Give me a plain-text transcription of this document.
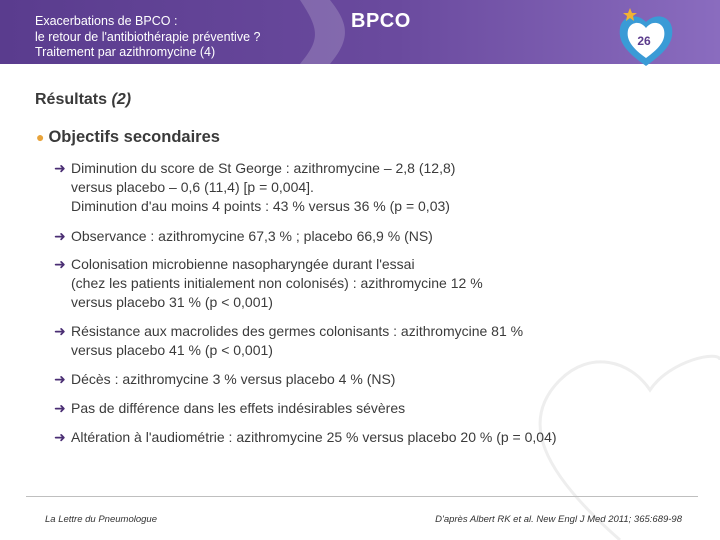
Exacerbations de BPCO :
le retour de l'antibiothérapie préventive ?
Traitement par azithromycine (4)
BPCO
26
Résultats (2)
● Objectifs secondaires
➜ Diminution du score de St George : azithromycine – 2,8 (12,8)
versus placebo – 0,6 (11,4) [p = 0,004].
Diminution d'au moins 4 points : 43 % versus 36 % (p = 0,03)
➜ Observance : azithromycine 67,3 % ; placebo 66,9 % (NS)
➜ Colonisation microbienne nasopharyngée durant l'essai
(chez les patients initialement non colonisés) : azithromycine 12 %
versus placebo 31 % (p < 0,001)
➜ Résistance aux macrolides des germes colonisants : azithromycine 81 %
versus placebo 41 % (p < 0,001)
➜ Décès : azithromycine 3 % versus placebo 4 % (NS)
➜ Pas de différence dans les effets indésirables sévères
➜ Altération à l'audiométrie : azithromycine 25 % versus placebo 20 % (p = 0,04)
La Lettre du Pneumologue	D'après Albert RK et al. New Engl J Med 2011; 365:689-98
